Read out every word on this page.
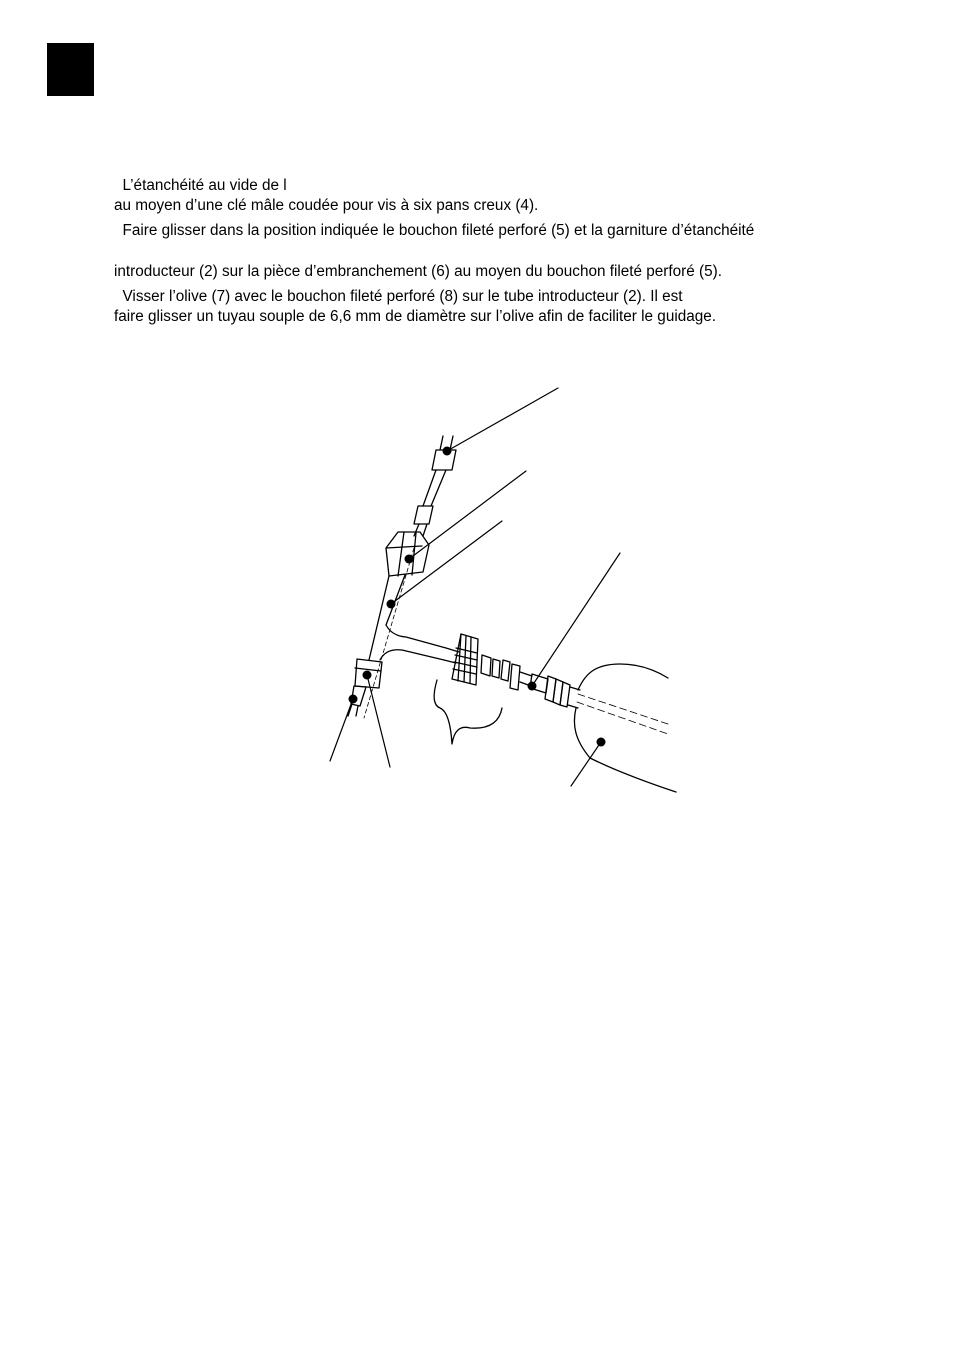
L’étanchéité au vide de l
au moyen d’une clé mâle coudée pour vis à six pans creux (4).
Faire glisser dans la position indiquée le bouchon fileté perforé (5) et la garniture d’étanchéité
introducteur (2) sur la pièce d’embranchement (6) au moyen du bouchon fileté perforé (5).
Visser l’olive (7) avec le bouchon fileté perforé (8) sur le tube introducteur (2). Il est
faire glisser un tuyau souple de 6,6 mm de diamètre sur l’olive afin de faciliter le guidage.
